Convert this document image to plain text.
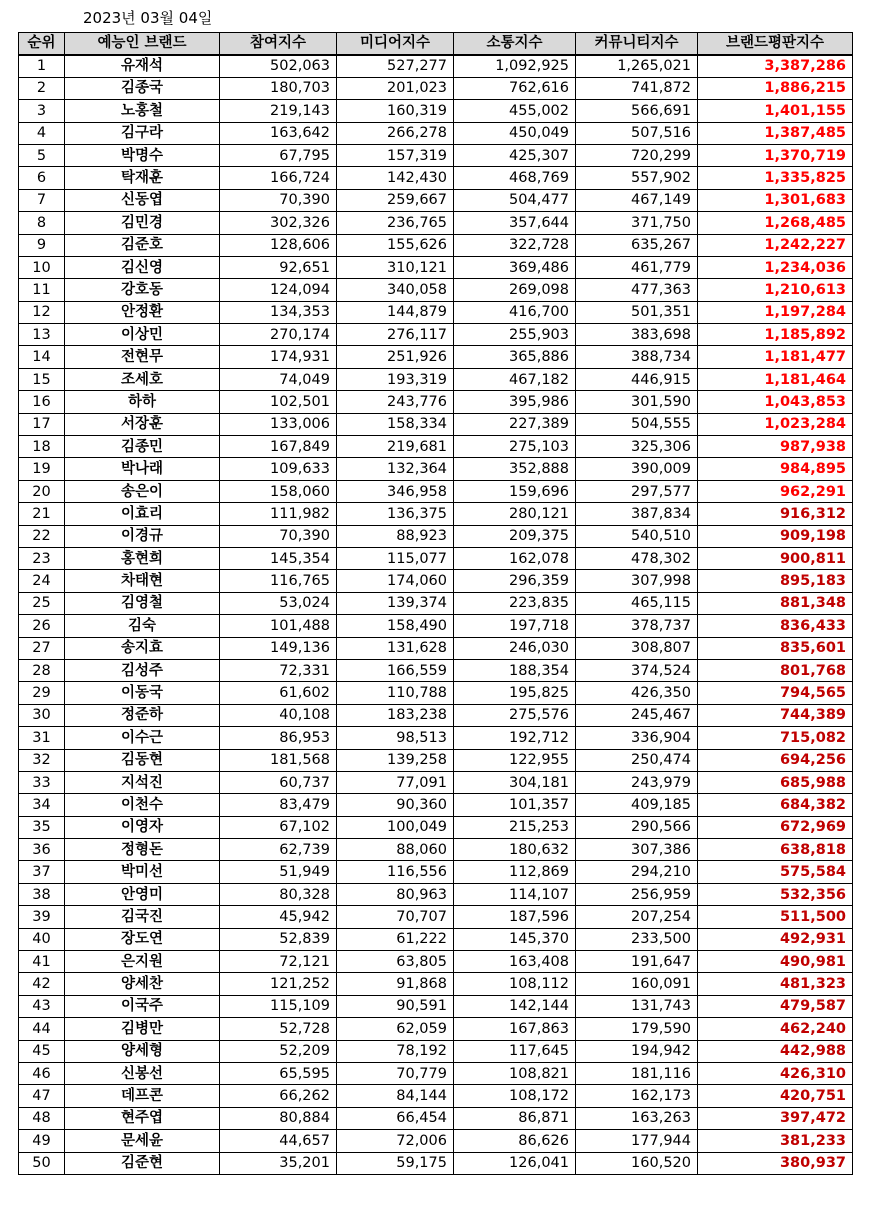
2023년 03월 04일
순위	예능인 브랜드	참여지수	미디어지수	소통지수	커뮤니티지수	브랜드평판지수
1	유재석	502,063	527,277	1,092,925	1,265,021	3,387,286
2	김종국	180,703	201,023	762,616	741,872	1,886,215
3	노홍철	219,143	160,319	455,002	566,691	1,401,155
4	김구라	163,642	266,278	450,049	507,516	1,387,485
5	박명수	67,795	157,319	425,307	720,299	1,370,719
6	탁재훈	166,724	142,430	468,769	557,902	1,335,825
7	신동엽	70,390	259,667	504,477	467,149	1,301,683
8	김민경	302,326	236,765	357,644	371,750	1,268,485
9	김준호	128,606	155,626	322,728	635,267	1,242,227
10	김신영	92,651	310,121	369,486	461,779	1,234,036
11	강호동	124,094	340,058	269,098	477,363	1,210,613
12	안정환	134,353	144,879	416,700	501,351	1,197,284
13	이상민	270,174	276,117	255,903	383,698	1,185,892
14	전현무	174,931	251,926	365,886	388,734	1,181,477
15	조세호	74,049	193,319	467,182	446,915	1,181,464
16	하하	102,501	243,776	395,986	301,590	1,043,853
17	서장훈	133,006	158,334	227,389	504,555	1,023,284
18	김종민	167,849	219,681	275,103	325,306	987,938
19	박나래	109,633	132,364	352,888	390,009	984,895
20	송은이	158,060	346,958	159,696	297,577	962,291
21	이효리	111,982	136,375	280,121	387,834	916,312
22	이경규	70,390	88,923	209,375	540,510	909,198
23	홍현희	145,354	115,077	162,078	478,302	900,811
24	차태현	116,765	174,060	296,359	307,998	895,183
25	김영철	53,024	139,374	223,835	465,115	881,348
26	김숙	101,488	158,490	197,718	378,737	836,433
27	송지효	149,136	131,628	246,030	308,807	835,601
28	김성주	72,331	166,559	188,354	374,524	801,768
29	이동국	61,602	110,788	195,825	426,350	794,565
30	정준하	40,108	183,238	275,576	245,467	744,389
31	이수근	86,953	98,513	192,712	336,904	715,082
32	김동현	181,568	139,258	122,955	250,474	694,256
33	지석진	60,737	77,091	304,181	243,979	685,988
34	이천수	83,479	90,360	101,357	409,185	684,382
35	이영자	67,102	100,049	215,253	290,566	672,969
36	정형돈	62,739	88,060	180,632	307,386	638,818
37	박미선	51,949	116,556	112,869	294,210	575,584
38	안영미	80,328	80,963	114,107	256,959	532,356
39	김국진	45,942	70,707	187,596	207,254	511,500
40	장도연	52,839	61,222	145,370	233,500	492,931
41	은지원	72,121	63,805	163,408	191,647	490,981
42	양세찬	121,252	91,868	108,112	160,091	481,323
43	이국주	115,109	90,591	142,144	131,743	479,587
44	김병만	52,728	62,059	167,863	179,590	462,240
45	양세형	52,209	78,192	117,645	194,942	442,988
46	신봉선	65,595	70,779	108,821	181,116	426,310
47	데프콘	66,262	84,144	108,172	162,173	420,751
48	현주엽	80,884	66,454	86,871	163,263	397,472
49	문세윤	44,657	72,006	86,626	177,944	381,233
50	김준현	35,201	59,175	126,041	160,520	380,937
